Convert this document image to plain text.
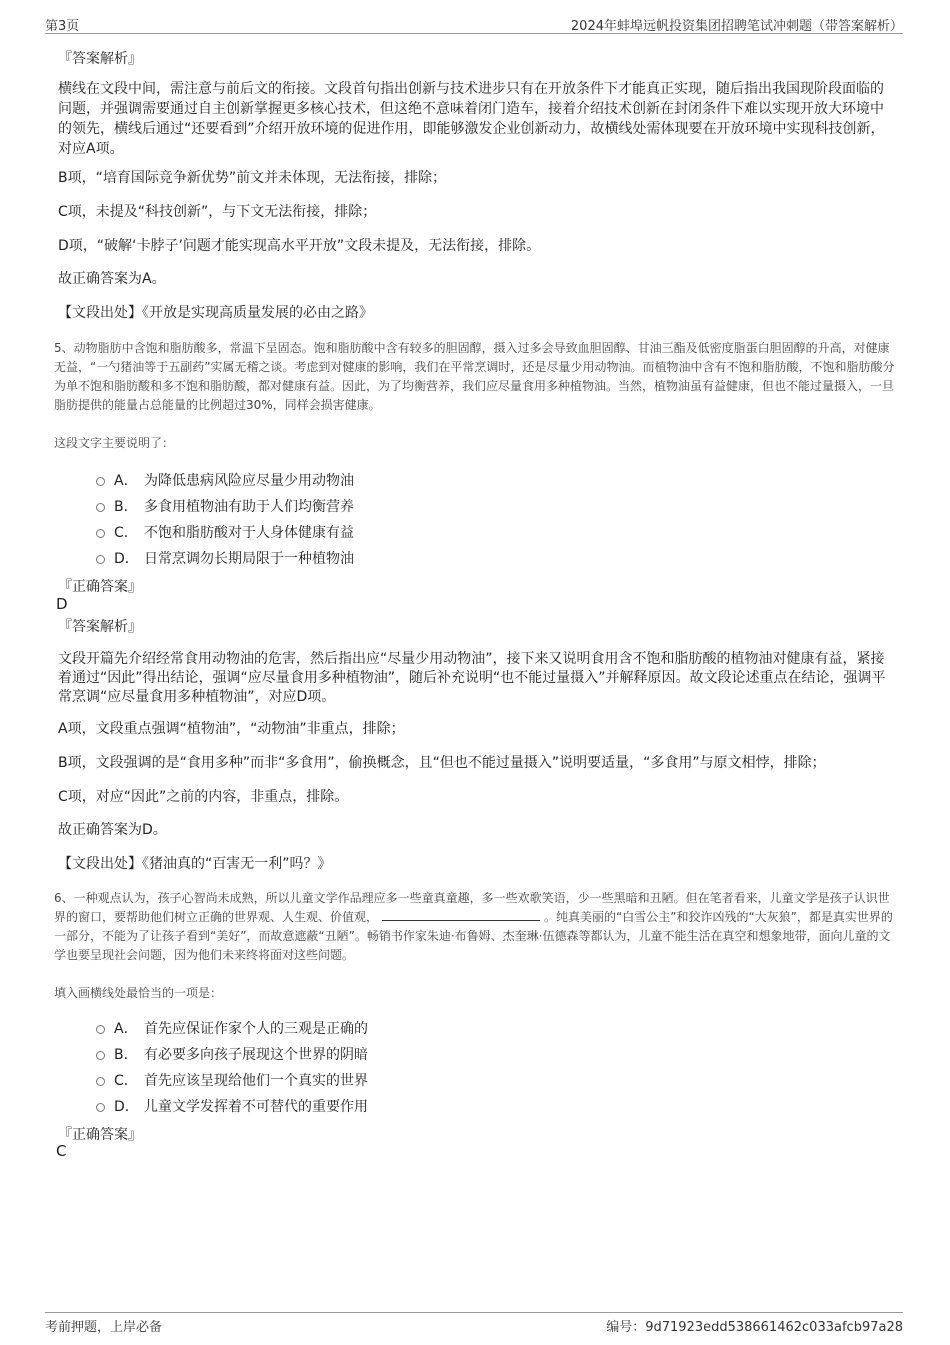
第3页	2024年蚌埠远帆投资集团招聘笔试冲刺题（带答案解析）
『答案解析』
横线在文段中间，需注意与前后文的衔接。文段首句指出创新与技术进步只有在开放条件下才能真正实现，随后指出我国现阶段面临的问题，并强调需要通过自主创新掌握更多核心技术，但这绝不意味着闭门造车，接着介绍技术创新在封闭条件下难以实现开放大环境中的领先，横线后通过“还要看到”介绍开放环境的促进作用，即能够激发企业创新动力，故横线处需体现要在开放环境中实现科技创新，对应A项。
B项，“培育国际竞争新优势”前文并未体现，无法衔接，排除；
C项，未提及“科技创新”，与下文无法衔接，排除；
D项，“破解‘卡脖子’问题才能实现高水平开放”文段未提及，无法衔接，排除。
故正确答案为A。
【文段出处】《开放是实现高质量发展的必由之路》
5、动物脂肪中含饱和脂肪酸多，常温下呈固态。饱和脂肪酸中含有较多的胆固醇，摄入过多会导致血胆固醇、甘油三酯及低密度脂蛋白胆固醇的升高，对健康无益，“一勺猪油等于五副药”实属无稽之谈。考虑到对健康的影响，我们在平常烹调时，还是尽量少用动物油。而植物油中含有不饱和脂肪酸，不饱和脂肪酸分为单不饱和脂肪酸和多不饱和脂肪酸，都对健康有益。因此，为了均衡营养，我们应尽量食用多种植物油。当然，植物油虽有益健康，但也不能过量摄入，一旦脂肪提供的能量占总能量的比例超过30%，同样会损害健康。
这段文字主要说明了：
A． 为降低患病风险应尽量少用动物油
B． 多食用植物油有助于人们均衡营养
C． 不饱和脂肪酸对于人身体健康有益
D． 日常烹调勿长期局限于一种植物油
『正确答案』
D
『答案解析』
文段开篇先介绍经常食用动物油的危害，然后指出应“尽量少用动物油”，接下来又说明食用含不饱和脂肪酸的植物油对健康有益，紧接着通过“因此”得出结论，强调“应尽量食用多种植物油”，随后补充说明“也不能过量摄入”并解释原因。故文段论述重点在结论，强调平常烹调“应尽量食用多种植物油”，对应D项。
A项，文段重点强调“植物油”，“动物油”非重点，排除；
B项，文段强调的是“食用多种”而非“多食用”，偷换概念，且“但也不能过量摄入”说明要适量，“多食用”与原文相悖，排除；
C项，对应“因此”之前的内容，非重点，排除。
故正确答案为D。
【文段出处】《猪油真的“百害无一利”吗？》
6、一种观点认为，孩子心智尚未成熟，所以儿童文学作品理应多一些童真童趣，多一些欢歌笑语，少一些黑暗和丑陋。但在笔者看来，儿童文学是孩子认识世界的窗口，要帮助他们树立正确的世界观、人生观、价值观，	。纯真美丽的“白雪公主”和狡诈凶残的“大灰狼”，都是真实世界的一部分，不能为了让孩子看到“美好”，而故意遮蔽“丑陋”。畅销书作家朱迪·布鲁姆、杰奎琳·伍德森等都认为，儿童不能生活在真空和想象地带，面向儿童的文学也要呈现社会问题，因为他们未来终将面对这些问题。
填入画横线处最恰当的一项是：
A． 首先应保证作家个人的三观是正确的
B． 有必要多向孩子展现这个世界的阴暗
C． 首先应该呈现给他们一个真实的世界
D． 儿童文学发挥着不可替代的重要作用
『正确答案』
C
考前押题，上岸必备	编号：9d71923edd538661462c033afcb97a28
